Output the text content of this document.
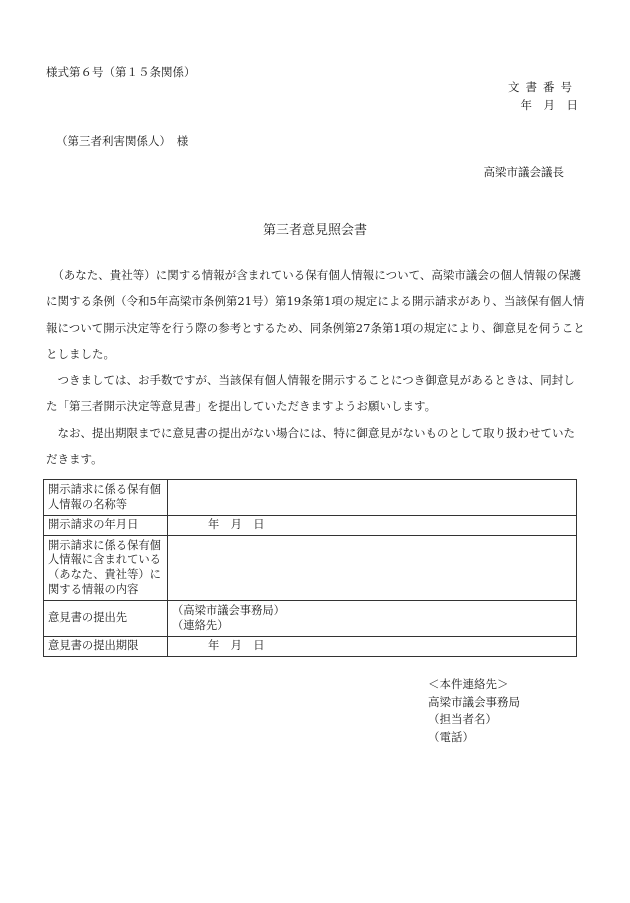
様式第６号（第１５条関係）
文書番号
年　月　日
（第三者利害関係人）　様
高梁市議会議長
第三者意見照会書

（あなた、貴社等）に関する情報が含まれている保有個人情報について、高梁市議会の個人情報の保護に関する条例（令和5年高梁市条例第21号）第19条第1項の規定による開示請求があり、当該保有個人情報について開示決定等を行う際の参考とするため、同条例第27条第1項の規定により、御意見を伺うこととしました。

つきましては、お手数ですが、当該保有個人情報を開示することにつき御意見があるときは、同封した「第三者開示決定等意見書」を提出していただきますようお願いします。

なお、提出期限までに意見書の提出がない場合には、特に御意見がないものとして取り扱わせていただきます。

開示請求に係る保有個人情報の名称等	
開示請求の年月日	年　月　日
開示請求に係る保有個人情報に含まれている（あなた、貴社等）に関する情報の内容	
意見書の提出先	（高梁市議会事務局）
（連絡先）

意見書の提出期限	年　月　日
＜本件連絡先＞
高梁市議会事務局
（担当者名）
（電話）
